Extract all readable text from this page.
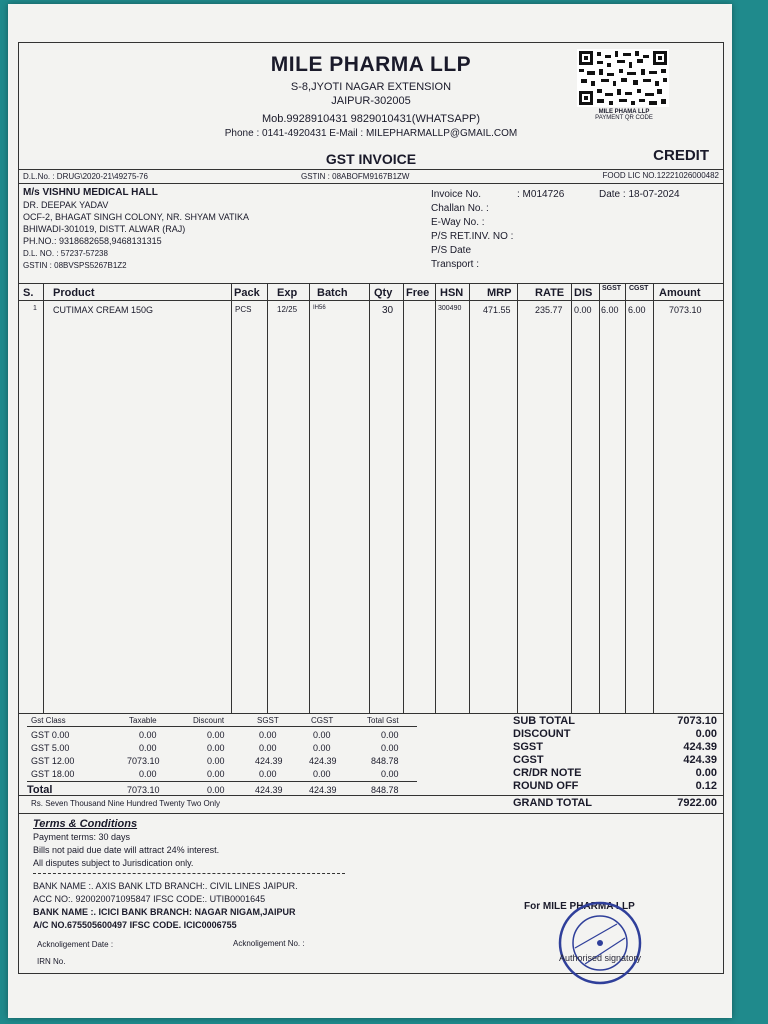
MILE PHARMA LLP
S-8,JYOTI NAGAR EXTENSION
JAIPUR-302005
Mob.9928910431 9829010431(WHATSAPP)
Phone : 0141-4920431 E-Mail : MILEPHARMALLP@GMAIL.COM
MILE PHAMA LLP
PAYMENT QR CODE
GST INVOICE	CREDIT
D.L.No. : DRUG\2020-21\49275-76	GSTIN : 08ABOFM9167B1ZW	FOOD LIC NO.12221026000482
M/s VISHNU MEDICAL HALL
DR. DEEPAK YADAV
OCF-2, BHAGAT SINGH COLONY, NR. SHYAM VATIKA
BHIWADI-301019, DISTT. ALWAR (RAJ)
PH.NO.: 9318682658,9468131315
D.L. NO. : 57237-57238
GSTIN : 08BVSPS5267B1Z2
Invoice No.	: M014726	Date : 18-07-2024
Challan No. :
E-Way No. :
P/S RET.INV. NO :
P/S Date
Transport :
S. Product	Pack Exp Batch Qty Free HSN MRP RATE DIS SGST CGST Amount
1 CUTIMAX CREAM 150G	PCS	12/25	IH56	30	300490 471.55	235.77 0.00 6.00 6.00	7073.10
Gst Class	Taxable	Discount	SGST	CGST	Total Gst
GST 0.00	0.00	0.00	0.00	0.00	0.00
GST 5.00	0.00	0.00	0.00	0.00	0.00
GST 12.00	7073.10	0.00	424.39	424.39	848.78
GST 18.00	0.00	0.00	0.00	0.00	0.00
Total	7073.10	0.00	424.39	424.39	848.78
SUB TOTAL	7073.10
DISCOUNT	0.00
SGST	424.39
CGST	424.39
CR/DR NOTE	0.00
ROUND OFF	0.12
Rs. Seven Thousand Nine Hundred Twenty Two Only	GRAND TOTAL	7922.00
Terms & Conditions
Payment terms: 30 days
Bills not paid due date will attract 24% interest.
All disputes subject to Jurisdication only.
BANK NAME :. AXIS BANK LTD BRANCH:. CIVIL LINES JAIPUR.
ACC NO:. 920020071095847 IFSC CODE:. UTIB0001645
BANK NAME :. ICICI BANK BRANCH: NAGAR NIGAM,JAIPUR
A/C NO.675505600497 IFSC CODE. ICIC0006755
Acknoligement Date :	Acknoligement No. :
IRN No.
For MILE PHARMA LLP
Authorised signatory
